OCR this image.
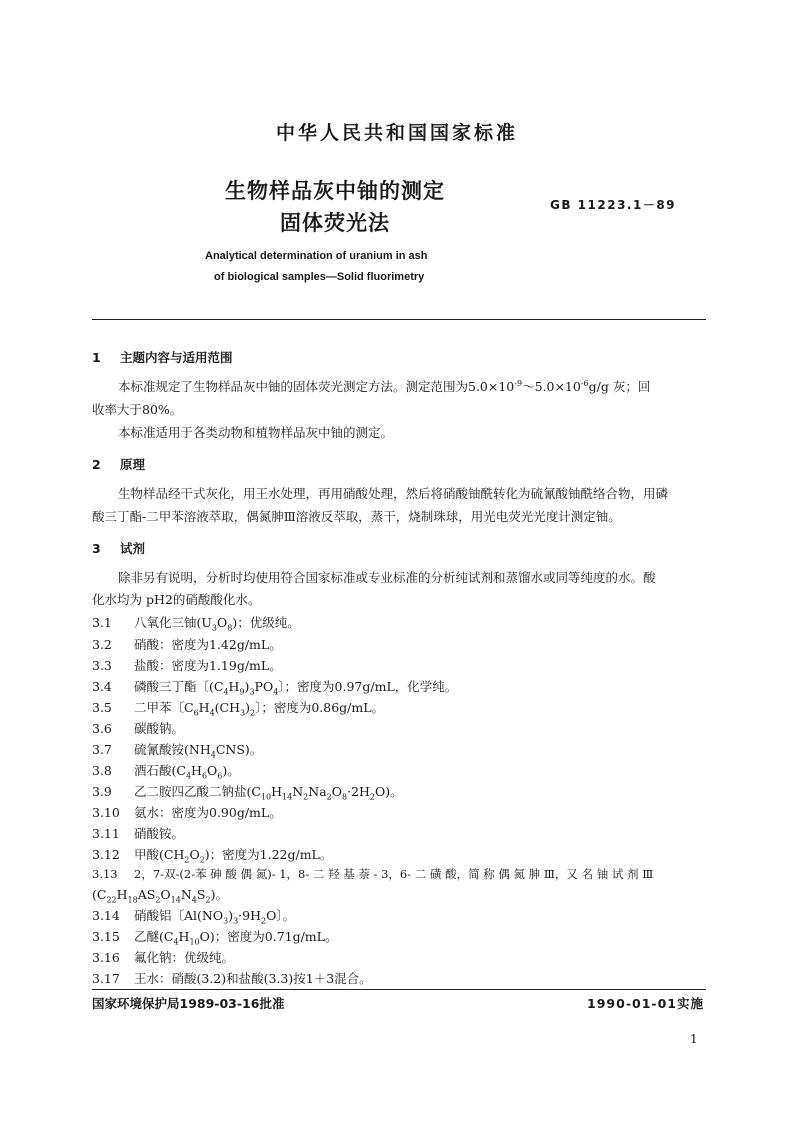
中华人民共和国国家标准
生物样品灰中铀的测定
固体荧光法
GB 11223.1－89
Analytical determination of uranium in ash
of biological samples—Solid fluorimetry
1 主题内容与适用范围
本标准规定了生物样品灰中铀的固体荧光测定方法。测定范围为$5.0\times 10^{-9}\sim 5.0\times 10^{-6}g/g$ 灰；回
收率大于80%。
本标准适用于各类动物和植物样品灰中铀的测定。
2 原理
生物样品经干式灰化，用王水处理，再用硝酸处理，然后将硝酸铀酰转化为硫氰酸铀酰络合物，用磷
酸三丁酯-二甲苯溶液萃取，偶氮胂Ⅲ溶液反萃取，蒸干，烧制珠球，用光电荧光光度计测定铀。
3 试剂
除非另有说明，分析时均使用符合国家标准或专业标准的分析纯试剂和蒸馏水或同等纯度的水。酸
化水均为 pH2的硝酸酸化水。
3.1 八氧化三铀$(U_3O_8)$；优级纯。
3.2 硝酸：密度为1.42g/mL。
3.3 盐酸：密度为1.19g/mL。
3.4 磷酸三丁酯〔$(C_4H_9)_3PO_4$〕；密度为0.97g/mL，化学纯。
3.5 二甲苯〔$C_6H_4(CH_3)_2$〕；密度为0.86g/mL。
3.6 碳酸钠。
3.7 硫氰酸铵$(NH_4CNS)$。
3.8 酒石酸$(C_4H_6O_6)$。
3.9 乙二胺四乙酸二钠盐$(C_{10}H_{14}N_2Na_2O_8\cdot 2H_2O)$。
3.10 氨水：密度为0.90g/mL。
3.11 硝酸铵。
3.12 甲酸$(CH_2O_2)$；密度为1.22g/mL。
3.13 2，7-双-(2-苯 砷 酸 偶 氮)- 1，8- 二 羟 基 萘 - 3，6- 二 磺 酸，简 称 偶 氮 胂 Ⅲ，又 名 铀 试 剂 Ⅲ
$(C_{22}H_{18}AS_2O_{14}N_4S_2)$。
3.14 硝酸铝〔$Al(NO_3)_3\cdot 9H_2O$〕。
3.15 乙醚$(C_4H_{10}O)$；密度为0.71g/mL。
3.16 氟化钠：优级纯。
3.17 王水：硝酸(3.2)和盐酸(3.3)按1＋3混合。
国家环境保护局1989-03-16批准	1990-01-01实施
1
